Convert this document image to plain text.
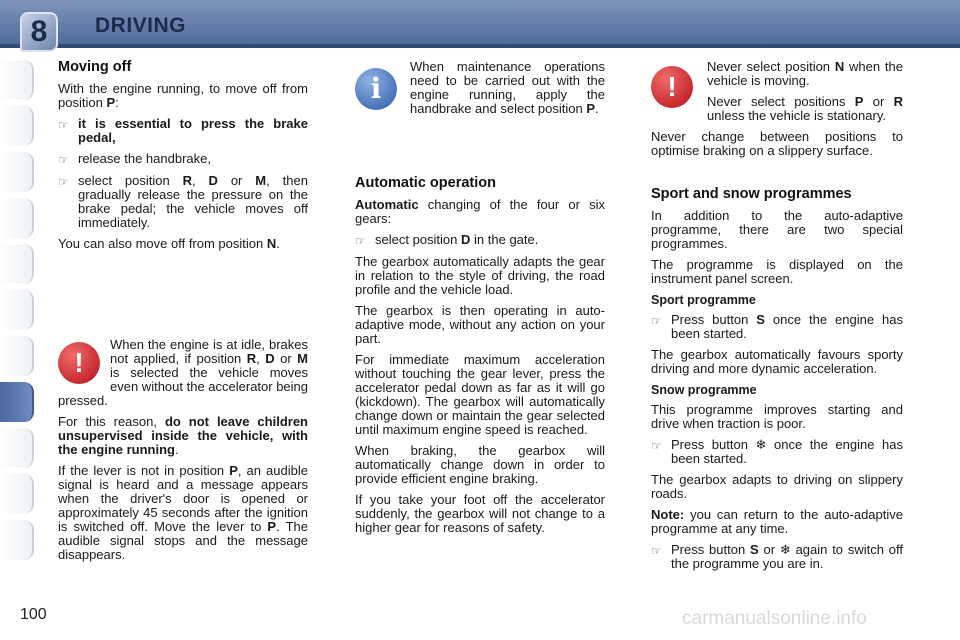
8	DRIVING
Moving off

With the engine running, to move off from position P:

☞ it is essential to press the brake pedal,
☞ release the handbrake,
☞ select position R, D or M, then gradually release the pressure on the brake pedal; the vehicle moves off immediately.

You can also move off from position N.

!

When the engine is at idle, brakes not applied, if position R, D or M is selected the vehicle moves even without the accelerator being pressed.

For this reason, do not leave children unsupervised inside the vehicle, with the engine running.

If the lever is not in position P, an audible signal is heard and a message appears when the driver's door is opened or approximately 45 seconds after the ignition is switched off. Move the lever to P. The audible signal stops and the message disappears.

i

When maintenance operations need to be carried out with the engine running, apply the handbrake and select position P.

Automatic operation

Automatic changing of the four or six gears:

☞ select position D in the gate.

The gearbox automatically adapts the gear in relation to the style of driving, the road profile and the vehicle load.

The gearbox is then operating in auto-adaptive mode, without any action on your part.

For immediate maximum acceleration without touching the gear lever, press the accelerator pedal down as far as it will go (kickdown). The gearbox will automatically change down or maintain the gear selected until maximum engine speed is reached.

When braking, the gearbox will automatically change down in order to provide efficient engine braking.

If you take your foot off the accelerator suddenly, the gearbox will not change to a higher gear for reasons of safety.

!

Never select position N when the vehicle is moving.

Never select positions P or R unless the vehicle is stationary.

Never change between positions to optimise braking on a slippery surface.

Sport and snow programmes

In addition to the auto-adaptive programme, there are two special programmes.

The programme is displayed on the instrument panel screen.

Sport programme
☞ Press button S once the engine has been started.

The gearbox automatically favours sporty driving and more dynamic acceleration.

Snow programme

This programme improves starting and drive when traction is poor.

☞ Press button ❄ once the engine has been started.

The gearbox adapts to driving on slippery roads.

Note: you can return to the auto-adaptive programme at any time.

☞ Press button S or ❄ again to switch off the programme you are in.
100	carmanualsonline.info
